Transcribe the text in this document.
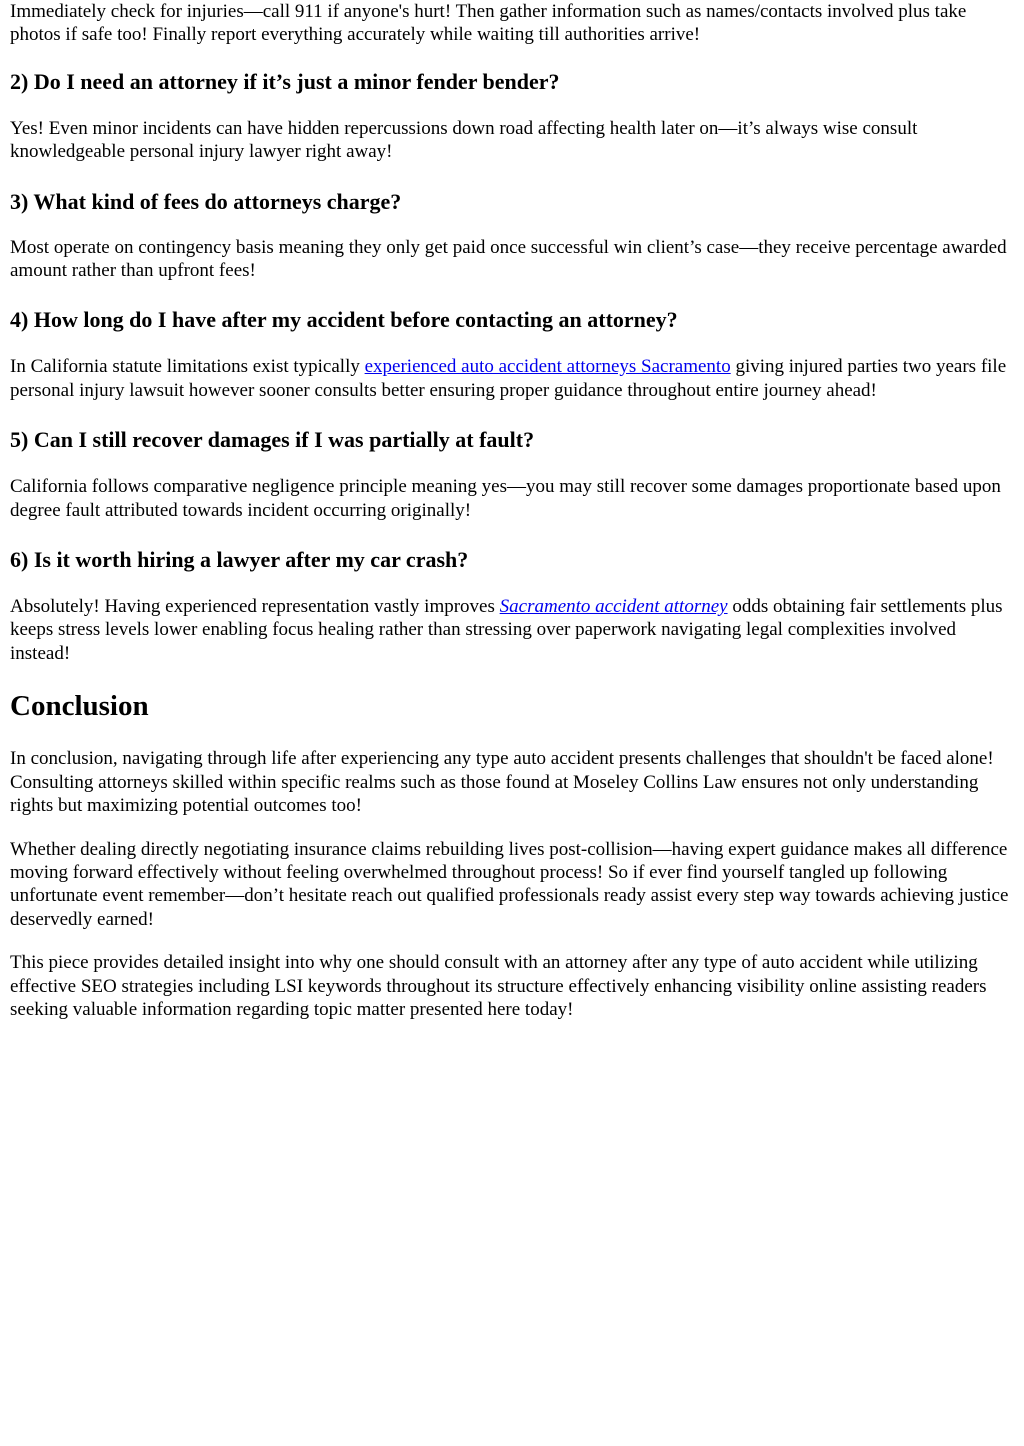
Immediately check for injuries—call 911 if anyone's hurt! Then gather information such as names/contacts involved plus take photos if safe too! Finally report everything accurately while waiting till authorities arrive!

2) Do I need an attorney if it’s just a minor fender bender?

Yes! Even minor incidents can have hidden repercussions down road affecting health later on—it’s always wise consult knowledgeable personal injury lawyer right away!

3) What kind of fees do attorneys charge?

Most operate on contingency basis meaning they only get paid once successful win client’s case—they receive percentage awarded amount rather than upfront fees!

4) How long do I have after my accident before contacting an attorney?

In California statute limitations exist typically experienced auto accident attorneys Sacramento giving injured parties two years file personal injury lawsuit however sooner consults better ensuring proper guidance throughout entire journey ahead!

5) Can I still recover damages if I was partially at fault?

California follows comparative negligence principle meaning yes—you may still recover some damages proportionate based upon degree fault attributed towards incident occurring originally!

6) Is it worth hiring a lawyer after my car crash?

Absolutely! Having experienced representation vastly improves Sacramento accident attorney odds obtaining fair settlements plus keeps stress levels lower enabling focus healing rather than stressing over paperwork navigating legal complexities involved instead!

Conclusion

In conclusion, navigating through life after experiencing any type auto accident presents challenges that shouldn't be faced alone! Consulting attorneys skilled within specific realms such as those found at Moseley Collins Law ensures not only understanding rights but maximizing potential outcomes too!

Whether dealing directly negotiating insurance claims rebuilding lives post-collision—having expert guidance makes all difference moving forward effectively without feeling overwhelmed throughout process! So if ever find yourself tangled up following unfortunate event remember—don’t hesitate reach out qualified professionals ready assist every step way towards achieving justice deservedly earned!

This piece provides detailed insight into why one should consult with an attorney after any type of auto accident while utilizing effective SEO strategies including LSI keywords throughout its structure effectively enhancing visibility online assisting readers seeking valuable information regarding topic matter presented here today!
